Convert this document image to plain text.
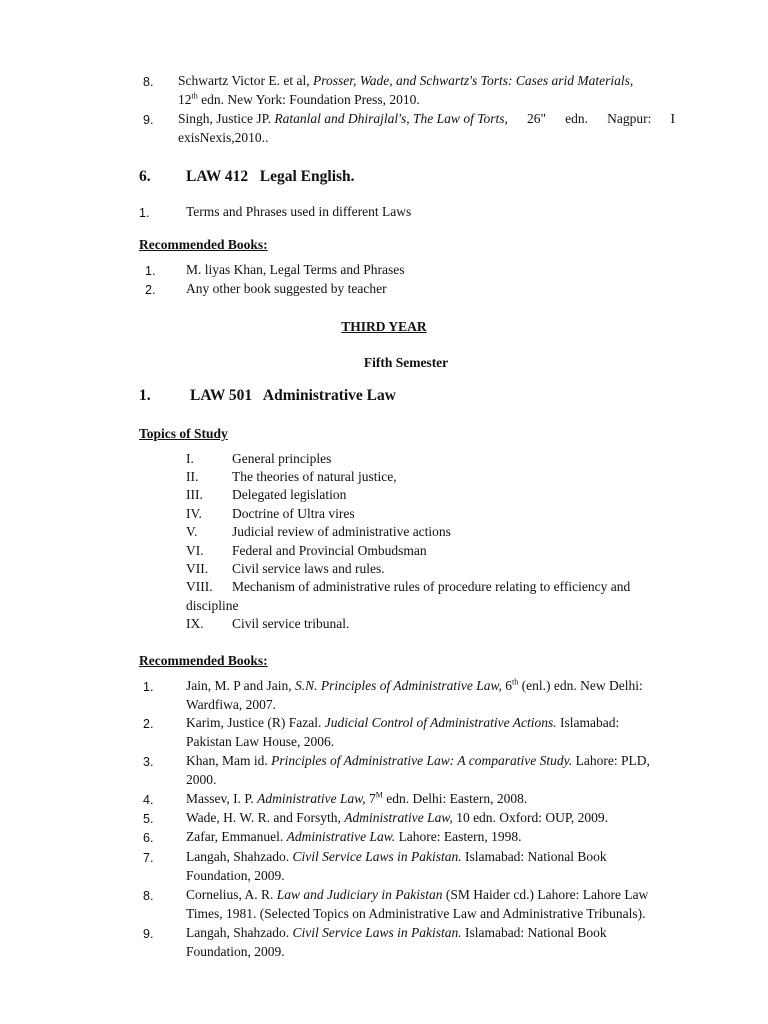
8. Schwartz Victor E. et al, Prosser, Wade, and Schwartz's Torts: Cases arid Materials,
12th edn. New York: Foundation Press, 2010.
9. Singh, Justice JP. Ratanlal and Dhirajlal's, The Law of Torts, 26" edn. Nagpur: I
exisNexis,2010..
6. LAW 412   Legal English.
1.	Terms and Phrases used in different Laws
Recommended Books:
1. M. liyas Khan, Legal Terms and Phrases
2. Any other book suggested by teacher
THIRD YEAR
Fifth Semester
1.	LAW 501   Administrative Law
Topics of Study
I.	General principles
II. The theories of natural justice,
III. Delegated legislation
IV. Doctrine of Ultra vires
V.	Judicial review of administrative actions
VI. Federal and Provincial Ombudsman
VII. Civil service laws and rules.
VIII. Mechanism of administrative rules of procedure relating to efficiency and
discipline
IX. Civil service tribunal.
Recommended Books:
1. Jain, M. P and Jain, S.N. Principles of Administrative Law, 6th (enl.) edn. New Delhi:
Wardfiwa, 2007.
2. Karim, Justice (R) Fazal. Judicial Control of Administrative Actions. Islamabad:
Pakistan Law House, 2006.
3. Khan, Mam id. Principles of Administrative Law: A comparative Study. Lahore: PLD,
2000.
4. Massev, I. P. Administrative Law, $7^M$ edn. Delhi: Eastern, 2008.
5. Wade, H. W. R. and Forsyth, Administrative Law, 10 edn. Oxford: OUP, 2009.
6. Zafar, Emmanuel. Administrative Law. Lahore: Eastern, 1998.
7. Langah, Shahzado. Civil Service Laws in Pakistan. Islamabad: National Book
Foundation, 2009.
8. Cornelius, A. R. Law and Judiciary in Pakistan (SM Haider cd.) Lahore: Lahore Law
Times, 1981. (Selected Topics on Administrative Law and Administrative Tribunals).
9. Langah, Shahzado. Civil Service Laws in Pakistan. Islamabad: National Book
Foundation, 2009.
